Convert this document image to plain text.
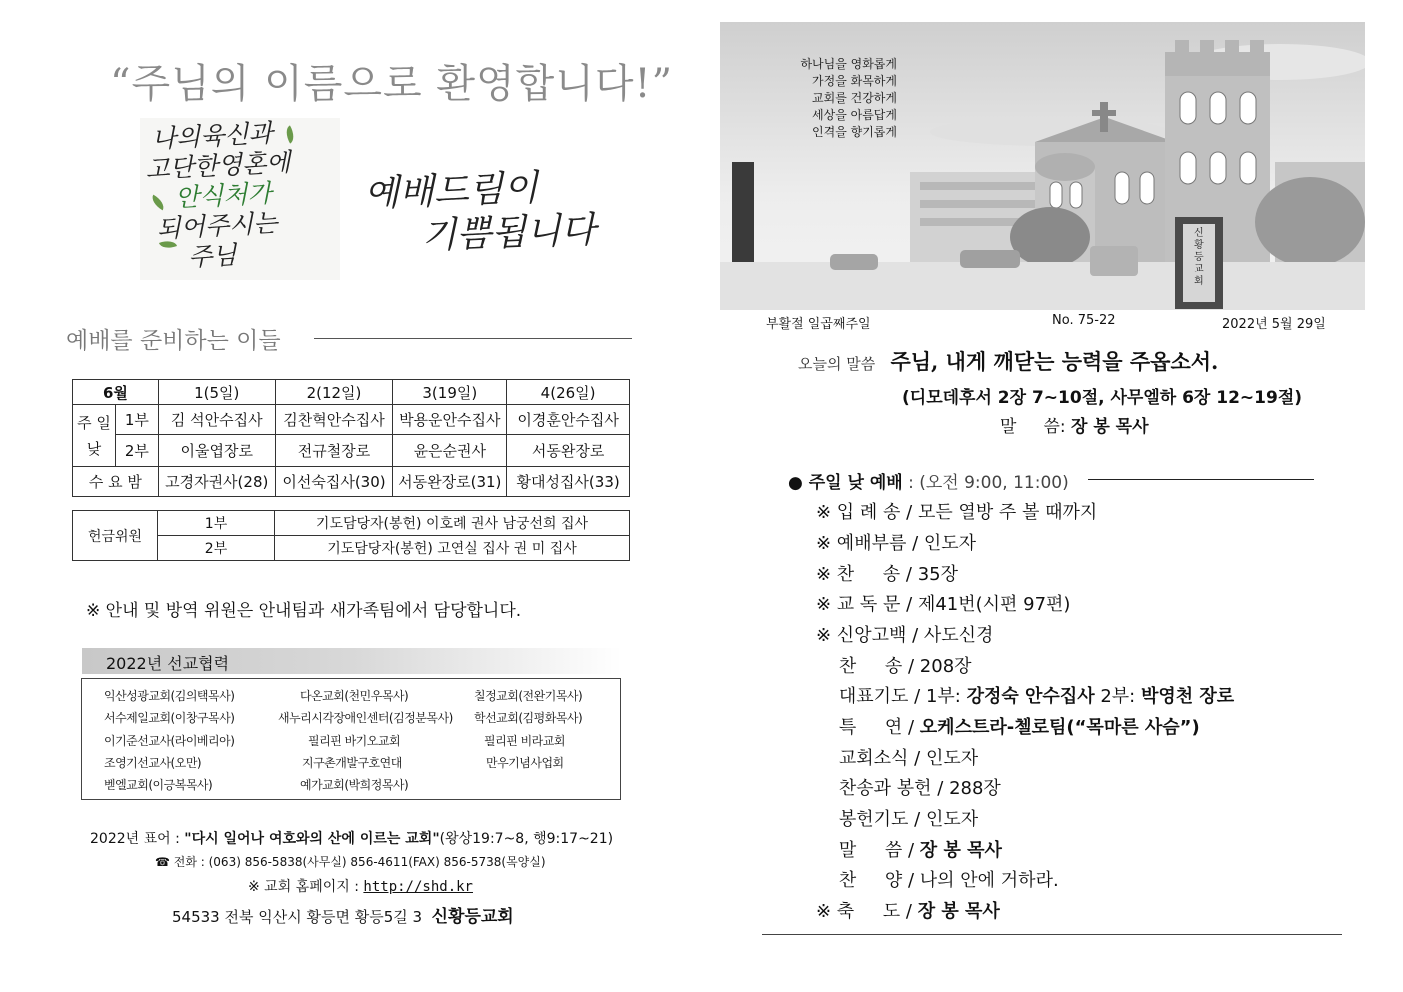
“주님의 이름으로 환영합니다!”
나의육신과
고단한영혼에
안식처가
되어주시는
주님
예배드림이
기쁨됩니다
예배를 준비하는 이들
6월		1(5일)	2(12일)	3(19일)	4(26일)
주 일
낮	1부	김 석안수집사	김찬혁안수집사	박용운안수집사	이경훈안수집사
	2부	이울엽장로	전규철장로	윤은순권사	서동완장로
수 요 밤		고경자권사(28)	이선숙집사(30)	서동완장로(31)	황대성집사(33)
헌금위원	1부	기도담당자(봉헌) 이호례 권사 남궁선희 집사
	2부	기도담당자(봉헌) 고연실 집사 권 미 집사
※ 안내 및 방역 위원은 안내팀과 새가족팀에서 담당합니다.
2022년 선교협력
익산성광교회(김의택목사)	다온교회(천민우목사)	칠정교회(전완기목사)
서수제일교회(이창구목사)	새누리시각장애인센터(김정분목사) 학선교회(김평화목사)
이기준선교사(라이베리아)	필리핀 바기오교회	필리핀 비라교회
조영기선교사(오만)	지구촌개발구호연대	만우기념사업회
벧엘교회(이긍복목사)	예가교회(박희정목사)
2022년 표어 : "다시 일어나 여호와의 산에 이르는 교회"(왕상19:7~8, 행9:17~21)
☎ 전화 : (063) 856-5838(사무실) 856-4611(FAX) 856-5738(목양실)
※ 교회 홈페이지 : http://shd.kr
54533 전북 익산시 황등면 황등5길 3 신황등교회
하나님을 영화롭게
가정을 화목하게
교회를 건강하게
세상을 아름답게
인격을 향기롭게
신황등교회
부활절 일곱째주일	No. 75-22	2022년 5월 29일
오늘의 말씀 주님, 내게 깨닫는 능력을 주옵소서.
(디모데후서 2장 7~10절, 사무엘하 6장 12~19절)
말     씀: 장 봉 목사
● 주일 낮 예배 : (오전 9:00, 11:00)
※ 입 례 송 / 모든 열방 주 볼 때까지
※ 예배부름 / 인도자
※ 찬     송 / 35장
※ 교 독 문 / 제41번(시편 97편)
※ 신앙고백 / 사도신경
찬     송 / 208장
대표기도 / 1부: 강정숙 안수집사 2부: 박영천 장로
특     연 / 오케스트라-첼로팀(“목마른 사슴”)
교회소식 / 인도자
찬송과 봉헌 / 288장
봉헌기도 / 인도자
말     씀 / 장 봉 목사
찬     양 / 나의 안에 거하라.
※ 축     도 / 장 봉 목사
